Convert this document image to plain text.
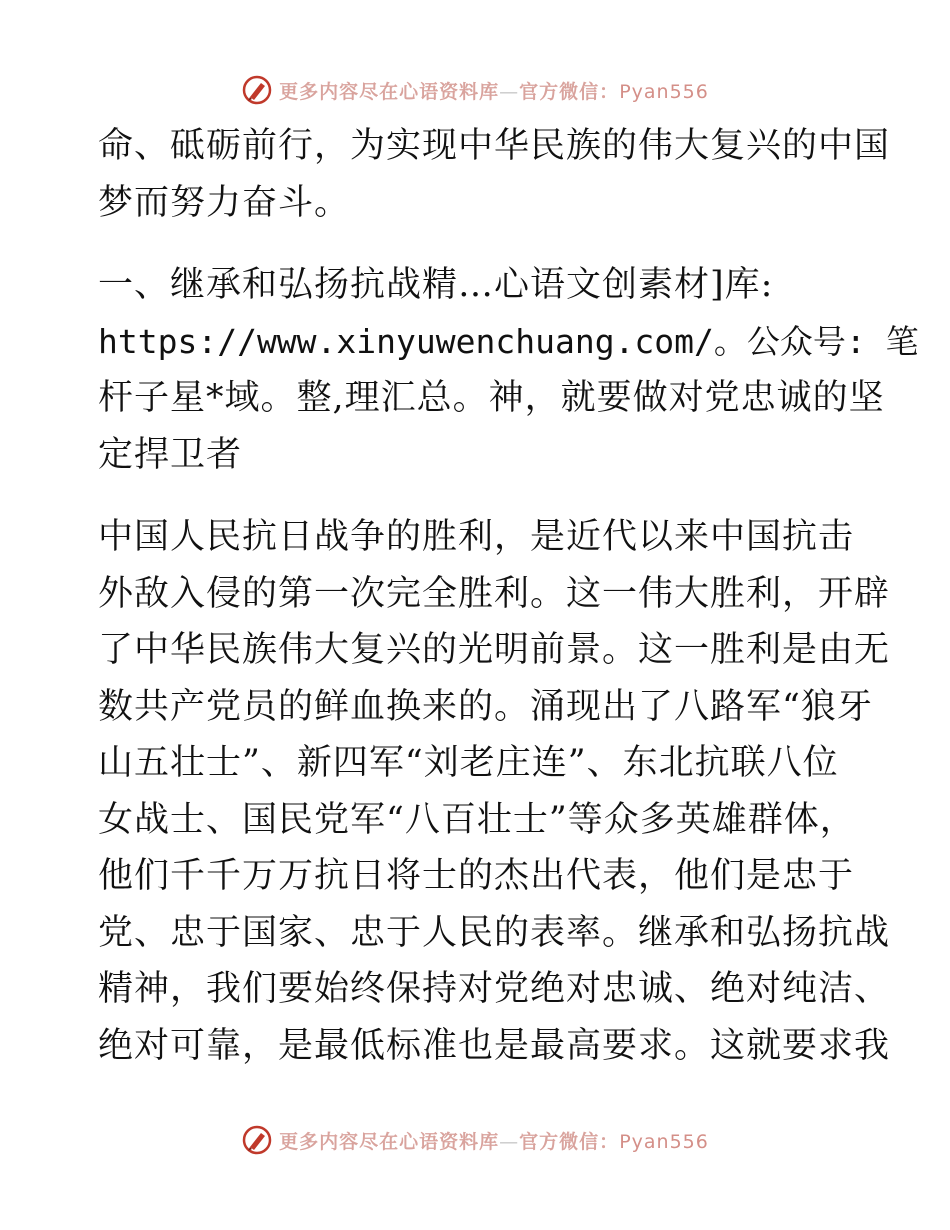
更多内容尽在心语资料库—官方微信：Pyan556

命、砥砺前行，为实现中华民族的伟大复兴的中国
梦而努力奋斗。

一、继承和弘扬抗战精…心语文创素材]库:
https://www.xinyuwenchuang.com/。公众号: 笔
杆子星*域。整,理汇总。神，就要做对党忠诚的坚
定捍卫者

中国人民抗日战争的胜利，是近代以来中国抗击
外敌入侵的第一次完全胜利。这一伟大胜利，开辟
了中华民族伟大复兴的光明前景。这一胜利是由无
数共产党员的鲜血换来的。涌现出了八路军“狼牙
山五壮士”、新四军“刘老庄连”、东北抗联八位
女战士、国民党军“八百壮士”等众多英雄群体，
他们千千万万抗日将士的杰出代表，他们是忠于
党、忠于国家、忠于人民的表率。继承和弘扬抗战
精神，我们要始终保持对党绝对忠诚、绝对纯洁、
绝对可靠，是最低标准也是最高要求。这就要求我

更多内容尽在心语资料库—官方微信：Pyan556
